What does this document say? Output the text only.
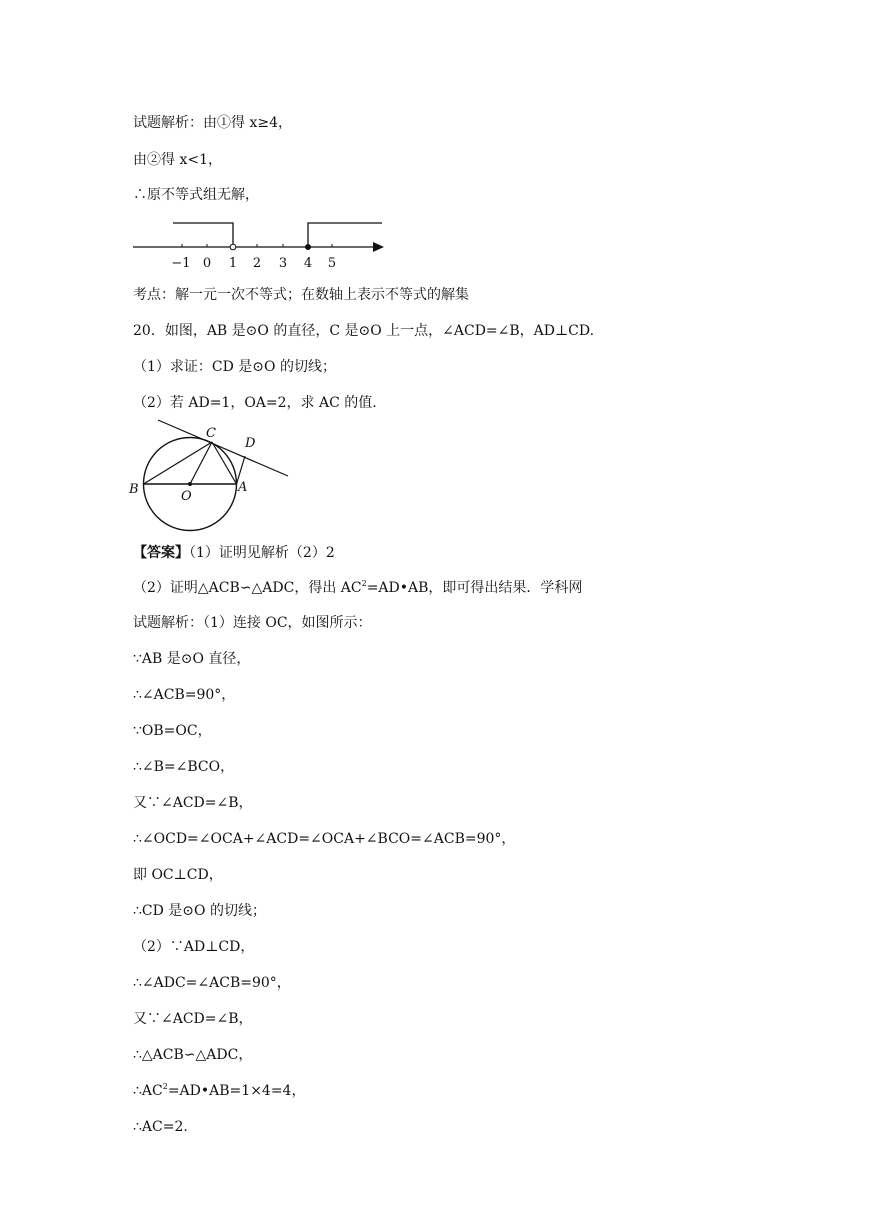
试题解析：由①得 x≥4，
由②得 x<1，
∴原不等式组无解，
−1 0 1 2 3 4 5
考点：解一元一次不等式；在数轴上表示不等式的解集
20．如图，AB 是⊙O 的直径，C 是⊙O 上一点，∠ACD=∠B，AD⊥CD.
（1）求证：CD 是⊙O 的切线；
（2）若 AD=1，OA=2，求 AC 的值.
B	O
A
C
D
【答案】（1）证明见解析（2）2
（2）证明△ACB∽△ADC，得出 $AC^2=AD•AB$，即可得出结果．学科网
试题解析：（1）连接 OC，如图所示：
∵AB 是⊙O 直径，
∴∠ACB=90°，
∵OB=OC，
∴∠B=∠BCO，
又∵∠ACD=∠B，
∴∠OCD=∠OCA+∠ACD=∠OCA+∠BCO=∠ACB=90°，
即 OC⊥CD，
∴CD 是⊙O 的切线；
（2）∵AD⊥CD，
∴∠ADC=∠ACB=90°，
又∵∠ACD=∠B，
∴△ACB∽△ADC，
$\therefore AC^2=AD•AB=1\times 4=4$，
∴AC=2.
